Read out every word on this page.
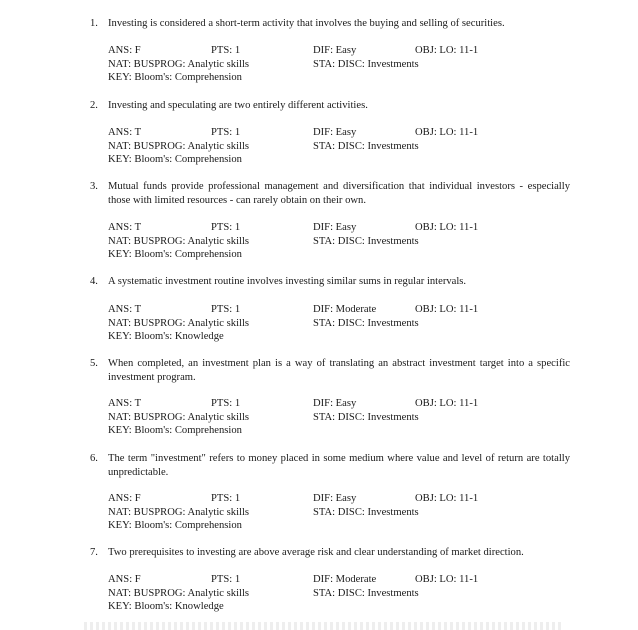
1. Investing is considered a short-term activity that involves the buying and selling of securities.
ANS: F	PTS: 1	DIF: Easy	OBJ: LO: 11-1
NAT: BUSPROG: Analytic skills	STA: DISC: Investments
KEY: Bloom's: Comprehension
2. Investing and speculating are two entirely different activities.
ANS: T	PTS: 1	DIF: Easy	OBJ: LO: 11-1
NAT: BUSPROG: Analytic skills	STA: DISC: Investments
KEY: Bloom's: Comprehension
3. Mutual funds provide professional management and diversification that individual investors - especially those with limited resources - can rarely obtain on their own.
ANS: T	PTS: 1	DIF: Easy	OBJ: LO: 11-1
NAT: BUSPROG: Analytic skills	STA: DISC: Investments
KEY: Bloom's: Comprehension
4. A systematic investment routine involves investing similar sums in regular intervals.
ANS: T	PTS: 1	DIF: Moderate	OBJ: LO: 11-1
NAT: BUSPROG: Analytic skills	STA: DISC: Investments
KEY: Bloom's: Knowledge
5. When completed, an investment plan is a way of translating an abstract investment target into a specific investment program.
ANS: T	PTS: 1	DIF: Easy	OBJ: LO: 11-1
NAT: BUSPROG: Analytic skills	STA: DISC: Investments
KEY: Bloom's: Comprehension
6. The term "investment" refers to money placed in some medium where value and level of return are totally unpredictable.
ANS: F	PTS: 1	DIF: Easy	OBJ: LO: 11-1
NAT: BUSPROG: Analytic skills	STA: DISC: Investments
KEY: Bloom's: Comprehension
7. Two prerequisites to investing are above average risk and clear understanding of market direction.
ANS: F	PTS: 1	DIF: Moderate	OBJ: LO: 11-1
NAT: BUSPROG: Analytic skills	STA: DISC: Investments
KEY: Bloom's: Knowledge
